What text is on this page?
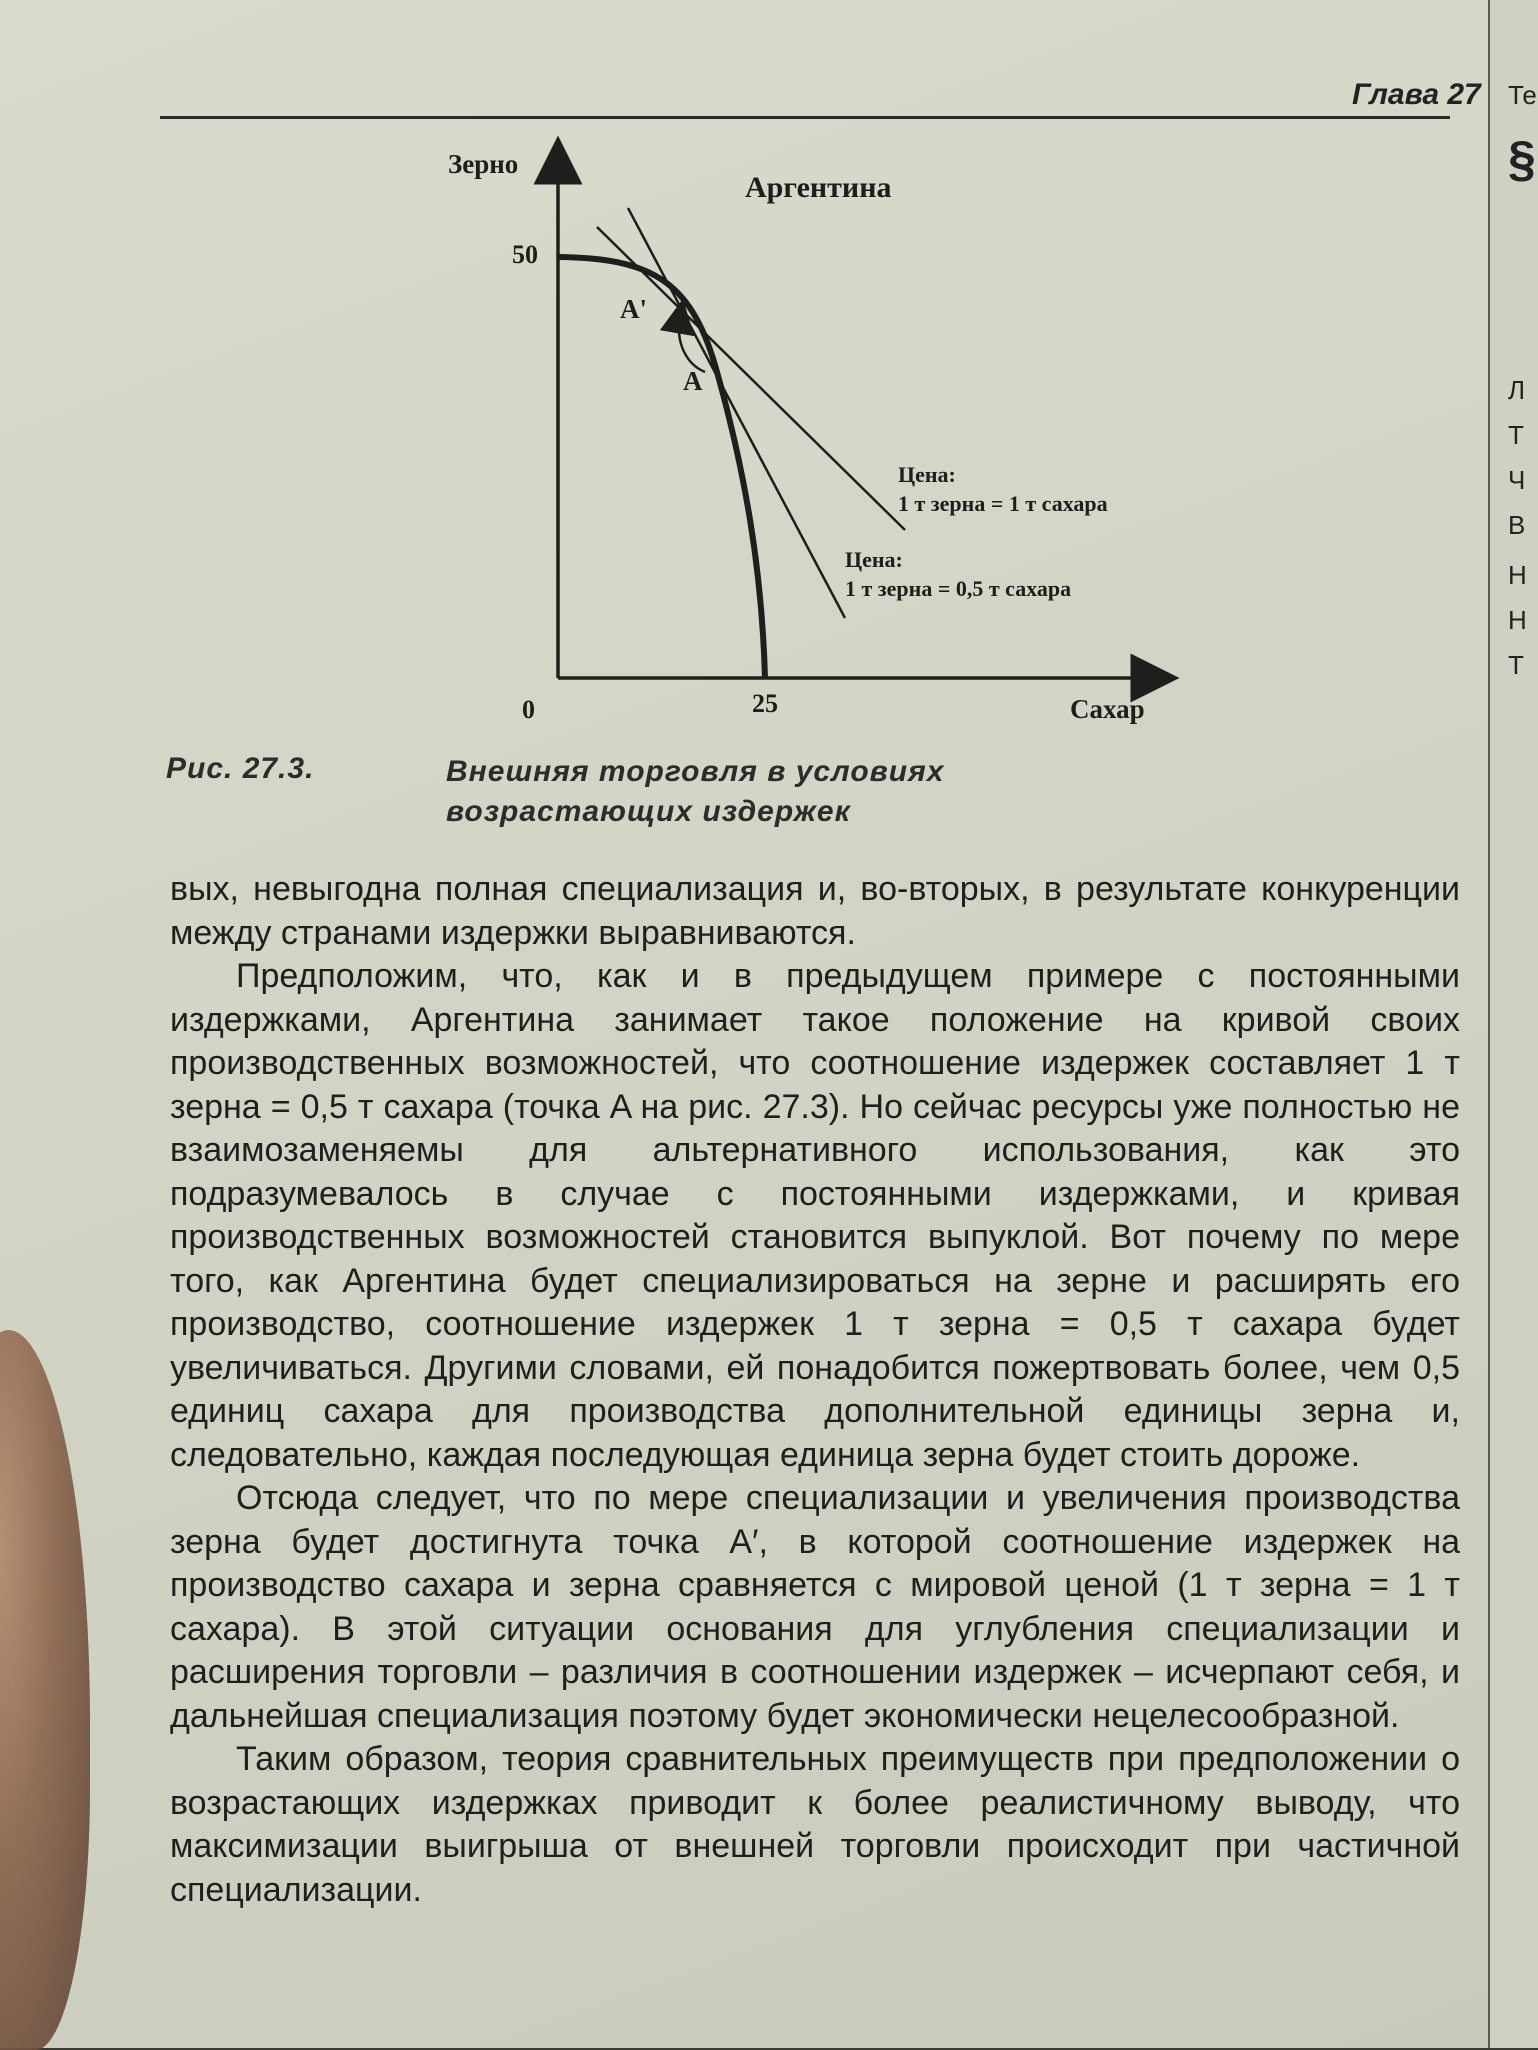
Глава 27
Зерно
Аргентина
50
A'
A
Цена:
1 т зерна = 1 т сахара
Цена:
1 т зерна = 0,5 т сахара
0	25	Сахар
Рис. 27.3.	Внешняя торговля в условиях возрастающих издержек

вых, невыгодна полная специализация и, во-вторых, в результате конкуренции между странами издержки выравниваются.

Предположим, что, как и в предыдущем примере с постоянными издержками, Аргентина занимает такое положение на кривой своих производственных возможностей, что соотношение издержек составляет 1 т зерна = 0,5 т сахара (точка A на рис. 27.3). Но сейчас ресурсы уже полностью не взаимозаменяемы для альтернативного использования, как это подразумевалось в случае с постоянными издержками, и кривая производственных возможностей становится выпуклой. Вот почему по мере того, как Аргентина будет специализироваться на зерне и расширять его производство, соотношение издержек 1 т зерна = 0,5 т сахара будет увеличиваться. Другими словами, ей понадобится пожертвовать более, чем 0,5 единиц сахара для производства дополнительной единицы зерна и, следовательно, каждая последующая единица зерна будет стоить дороже.

Отсюда следует, что по мере специализации и увеличения производства зерна будет достигнута точка A′, в которой соотношение издержек на производство сахара и зерна сравняется с мировой ценой (1 т зерна = 1 т сахара). В этой ситуации основания для углубления специализации и расширения торговли – различия в соотношении издержек – исчерпают себя, и дальнейшая специализация поэтому будет экономически нецелесообразной.

Таким образом, теория сравнительных преимуществ при предположении о возрастающих издержках приводит к более реалистичному выводу, что максимизации выигрыша от внешней торговли происходит при частичной специализации.

Те
§
Л
Т
Ч
В
Н
Н
Т
